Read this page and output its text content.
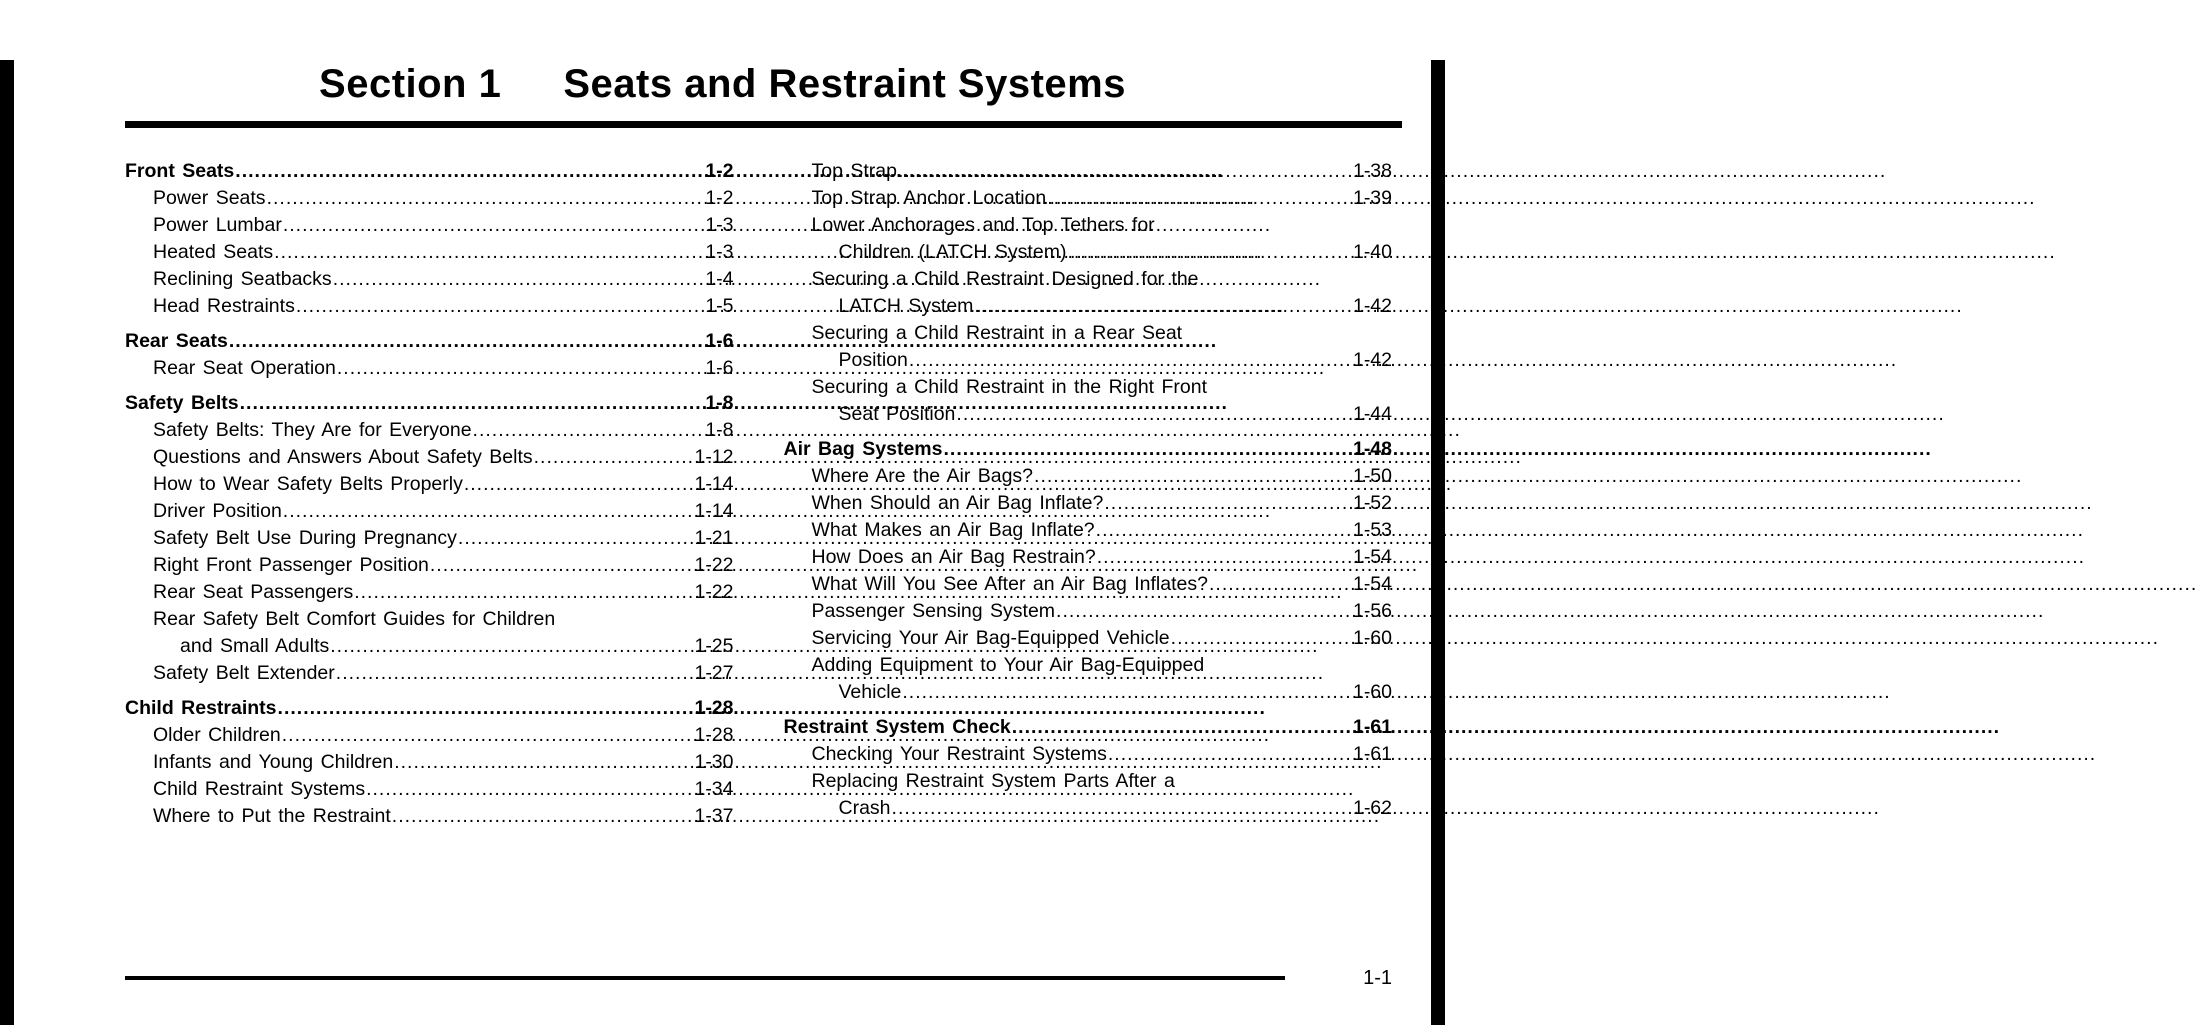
Section 1 Seats and Restraint Systems
Front Seats .....	1-2
Power Seats .....	1-2
Power Lumbar .....	1-3
Heated Seats .....	1-3
Reclining Seatbacks .....	1-4
Head Restraints .....	1-5
Rear Seats .....	1-6
Rear Seat Operation .....	1-6
Safety Belts .....	1-8
Safety Belts: They Are for Everyone .....	1-8
Questions and Answers About Safety Belts .....	1-12
How to Wear Safety Belts Properly .....	1-14
Driver Position .....	1-14
Safety Belt Use During Pregnancy .....	1-21
Right Front Passenger Position .....	1-22
Rear Seat Passengers .....	1-22
Rear Safety Belt Comfort Guides for Children
and Small Adults .....	1-25
Safety Belt Extender .....	1-27
Child Restraints .....	1-28
Older Children .....	1-28
Infants and Young Children .....	1-30
Child Restraint Systems .....	1-34
Where to Put the Restraint .....	1-37
Top Strap .....	1-38
Top Strap Anchor Location .....	1-39
Lower Anchorages and Top Tethers for
Children (LATCH System) .....	1-40
Securing a Child Restraint Designed for the
LATCH System .....	1-42
Securing a Child Restraint in a Rear Seat
Position .....	1-42
Securing a Child Restraint in the Right Front
Seat Position .....	1-44
Air Bag Systems .....	1-48
Where Are the Air Bags? .....	1-50
When Should an Air Bag Inflate? .....	1-52
What Makes an Air Bag Inflate? .....	1-53
How Does an Air Bag Restrain? .....	1-54
What Will You See After an Air Bag Inflates? .....	1-54
Passenger Sensing System .....	1-56
Servicing Your Air Bag-Equipped Vehicle .....	1-60
Adding Equipment to Your Air Bag-Equipped
Vehicle .....	1-60
Restraint System Check .....	1-61
Checking Your Restraint Systems .....	1-61
Replacing Restraint System Parts After a
Crash .....	1-62
1-1
